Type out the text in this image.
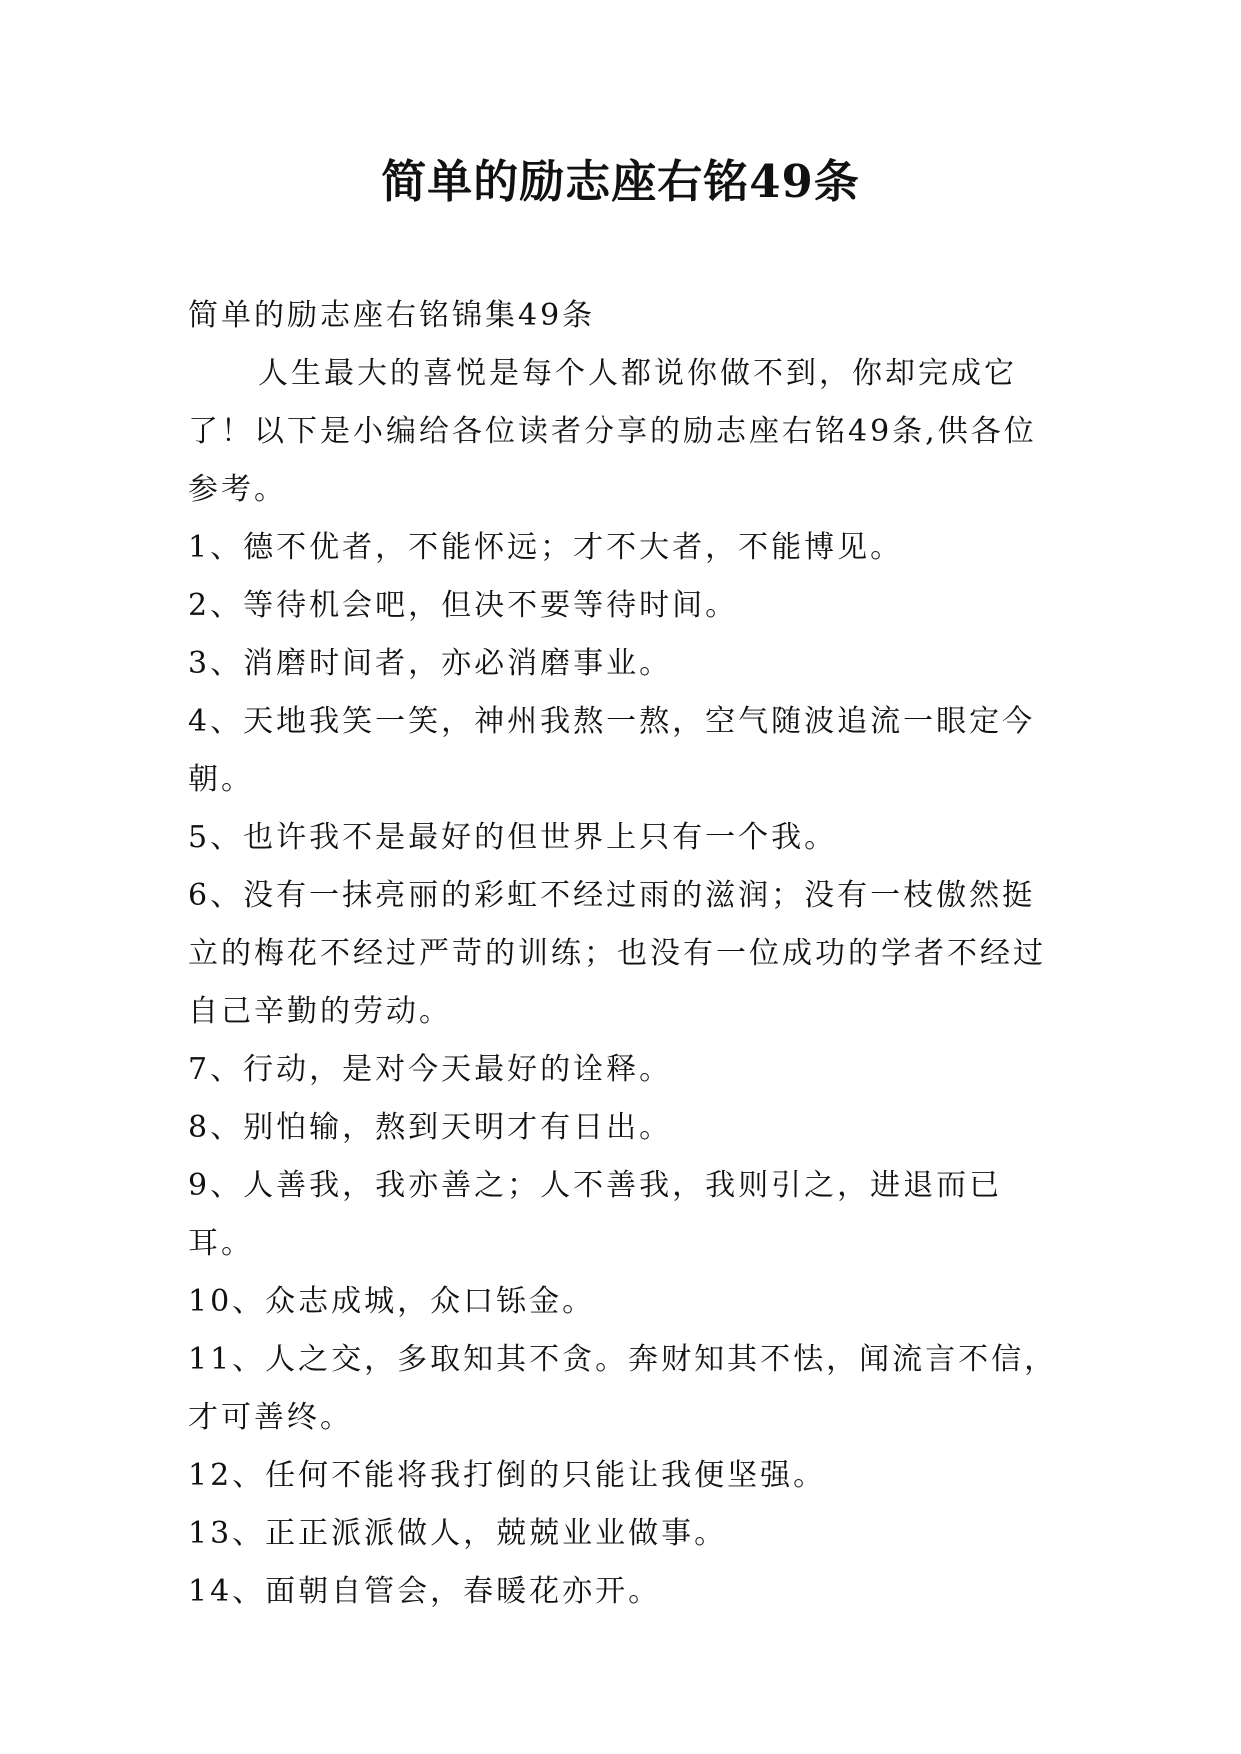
简单的励志座右铭49条

简单的励志座右铭锦集49条

人生最大的喜悦是每个人都说你做不到，你却完成它了！以下是小编给各位读者分享的励志座右铭49条,供各位参考。

1、德不优者，不能怀远；才不大者，不能博见。

2、等待机会吧，但决不要等待时间。

3、消磨时间者，亦必消磨事业。

4、天地我笑一笑，神州我熬一熬，空气随波追流一眼定今朝。

5、也许我不是最好的但世界上只有一个我。

6、没有一抹亮丽的彩虹不经过雨的滋润；没有一枝傲然挺立的梅花不经过严苛的训练；也没有一位成功的学者不经过自己辛勤的劳动。

7、行动，是对今天最好的诠释。

8、别怕输，熬到天明才有日出。

9、人善我，我亦善之；人不善我，我则引之，进退而已耳。

10、众志成城，众口铄金。

11、人之交，多取知其不贪。奔财知其不怯，闻流言不信，才可善终。

12、任何不能将我打倒的只能让我便坚强。

13、正正派派做人，兢兢业业做事。

14、面朝自管会，春暖花亦开。
